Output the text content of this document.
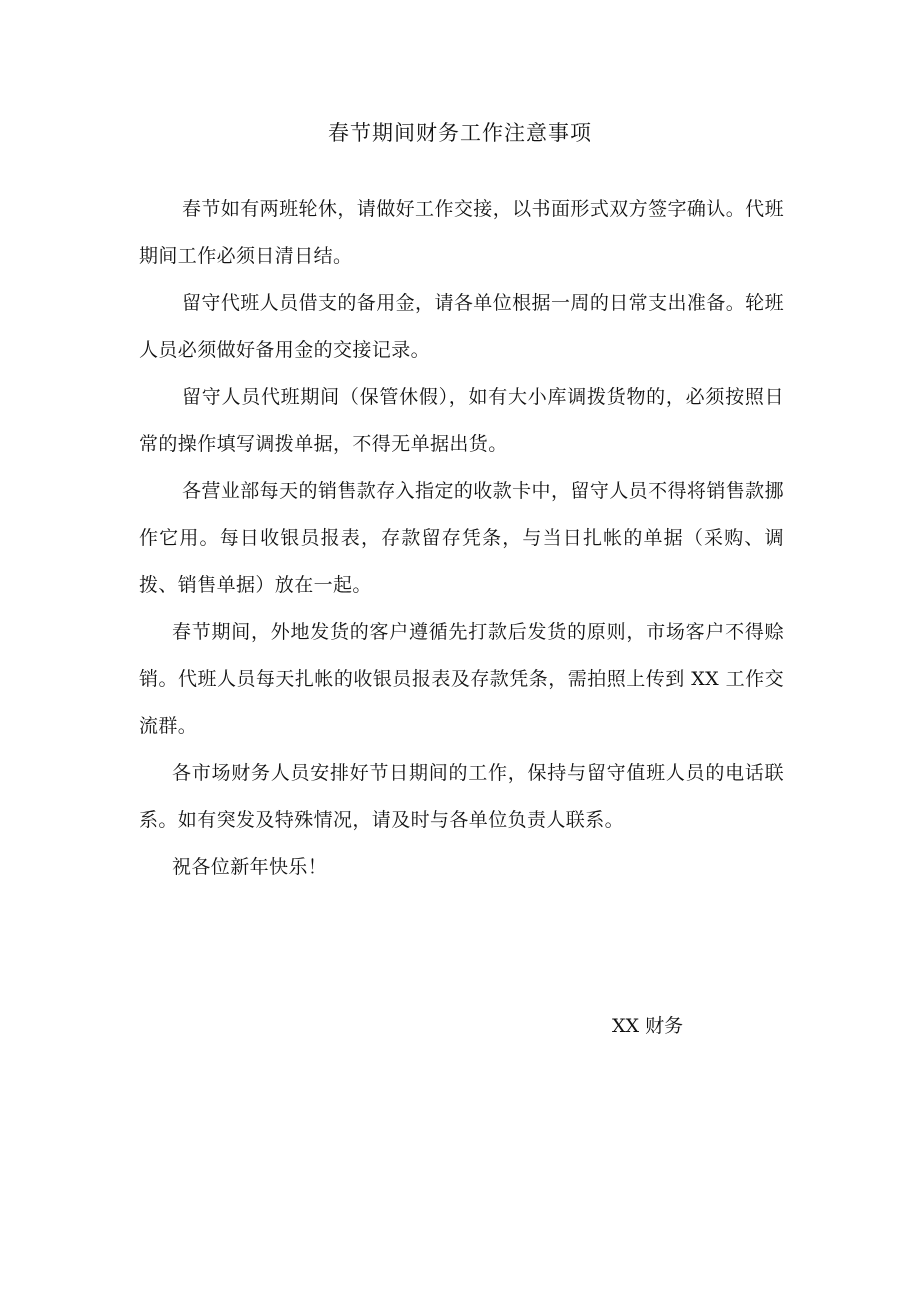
春节期间财务工作注意事项

春节如有两班轮休，请做好工作交接，以书面形式双方签字确认。代班期间工作必须日清日结。

留守代班人员借支的备用金，请各单位根据一周的日常支出准备。轮班人员必须做好备用金的交接记录。

留守人员代班期间（保管休假），如有大小库调拨货物的，必须按照日常的操作填写调拨单据，不得无单据出货。

各营业部每天的销售款存入指定的收款卡中，留守人员不得将销售款挪作它用。每日收银员报表，存款留存凭条，与当日扎帐的单据（采购、调拨、销售单据）放在一起。

春节期间，外地发货的客户遵循先打款后发货的原则，市场客户不得赊销。代班人员每天扎帐的收银员报表及存款凭条，需拍照上传到 XX 工作交流群。

各市场财务人员安排好节日期间的工作，保持与留守值班人员的电话联系。如有突发及特殊情况，请及时与各单位负责人联系。

祝各位新年快乐！

XX 财务
